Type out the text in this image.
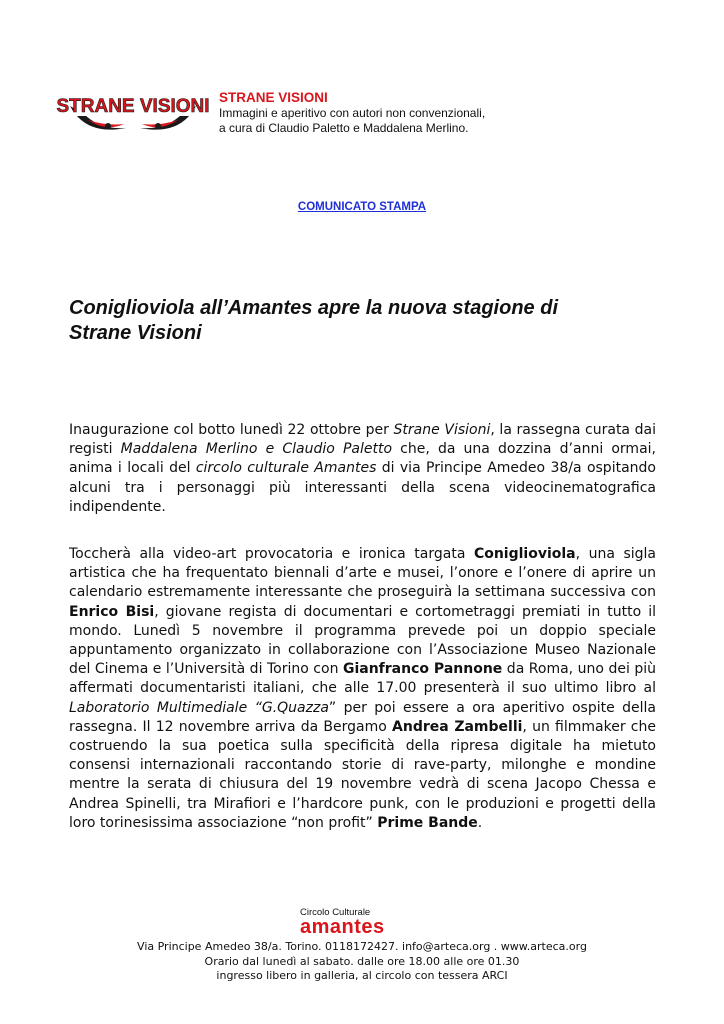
STRANE VISIONI STRANE VISIONI
Immagini e aperitivo con autori non convenzionali,
a cura di Claudio Paletto e Maddalena Merlino.
COMUNICATO STAMPA
Coniglioviola all’Amantes apre la nuova stagione di
Strane Visioni
Inaugurazione col botto lunedì 22 ottobre per Strane Visioni, la rassegna curata dai registi Maddalena Merlino e Claudio Paletto che, da una dozzina d’anni ormai, anima i locali del circolo culturale Amantes di via Principe Amedeo 38/a ospitando alcuni tra i personaggi più interessanti della scena videocinematografica indipendente.
Toccherà alla video-art provocatoria e ironica targata Coniglioviola, una sigla artistica che ha frequentato biennali d’arte e musei, l’onore e l’onere di aprire un calendario estremamente interessante che proseguirà la settimana successiva con Enrico Bisi, giovane regista di documentari e cortometraggi premiati in tutto il mondo. Lunedì 5 novembre il programma prevede poi un doppio speciale appuntamento organizzato in collaborazione con l’Associazione Museo Nazionale del Cinema e l’Università di Torino con Gianfranco Pannone da Roma, uno dei più affermati documentaristi italiani, che alle 17.00 presenterà il suo ultimo libro al Laboratorio Multimediale “G.Quazza” per poi essere a ora aperitivo ospite della rassegna. Il 12 novembre arriva da Bergamo Andrea Zambelli, un filmmaker che costruendo la sua poetica sulla specificità della ripresa digitale ha mietuto consensi internazionali raccontando storie di rave-party, milonghe e mondine mentre la serata di chiusura del 19 novembre vedrà di scena Jacopo Chessa e Andrea Spinelli, tra Mirafiori e l’hardcore punk, con le produzioni e progetti della loro torinesissima associazione “non profit” Prime Bande.
Circolo Culturale
amantes
Via Principe Amedeo 38/a. Torino. 0118172427. info@arteca.org . www.arteca.org
Orario dal lunedì al sabato. dalle ore 18.00 alle ore 01.30
ingresso libero in galleria, al circolo con tessera ARCI
